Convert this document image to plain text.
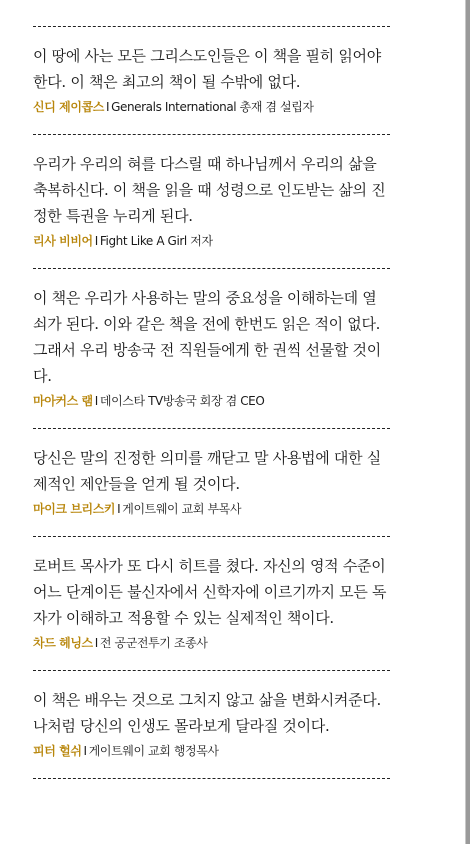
이 땅에 사는 모든 그리스도인들은 이 책을 필히 읽어야 한다. 이 책은 최고의 책이 될 수밖에 없다.

신디 제이콥스 I Generals International 총재 겸 설립자

우리가 우리의 혀를 다스릴 때 하나님께서 우리의 삶을 축복하신다. 이 책을 읽을 때 성령으로 인도받는 삶의 진정한 특권을 누리게 된다.

리사 비비어 I Fight Like A Girl 저자

이 책은 우리가 사용하는 말의 중요성을 이해하는데 열쇠가 된다. 이와 같은 책을 전에 한번도 읽은 적이 없다. 그래서 우리 방송국 전 직원들에게 한 권씩 선물할 것이다.

마아커스 램 I 데이스타 TV방송국 회장 겸 CEO

당신은 말의 진정한 의미를 깨닫고 말 사용법에 대한 실제적인 제안들을 얻게 될 것이다.

마이크 브리스키 I 게이트웨이 교회 부목사

로버트 목사가 또 다시 히트를 쳤다. 자신의 영적 수준이 어느 단계이든 불신자에서 신학자에 이르기까지 모든 독자가 이해하고 적용할 수 있는 실제적인 책이다.

차드 헤닝스 I 전 공군전투기 조종사

이 책은 배우는 것으로 그치지 않고 삶을 변화시켜준다. 나처럼 당신의 인생도 몰라보게 달라질 것이다.

피터 헐쉬 I 게이트웨이 교회 행정목사
